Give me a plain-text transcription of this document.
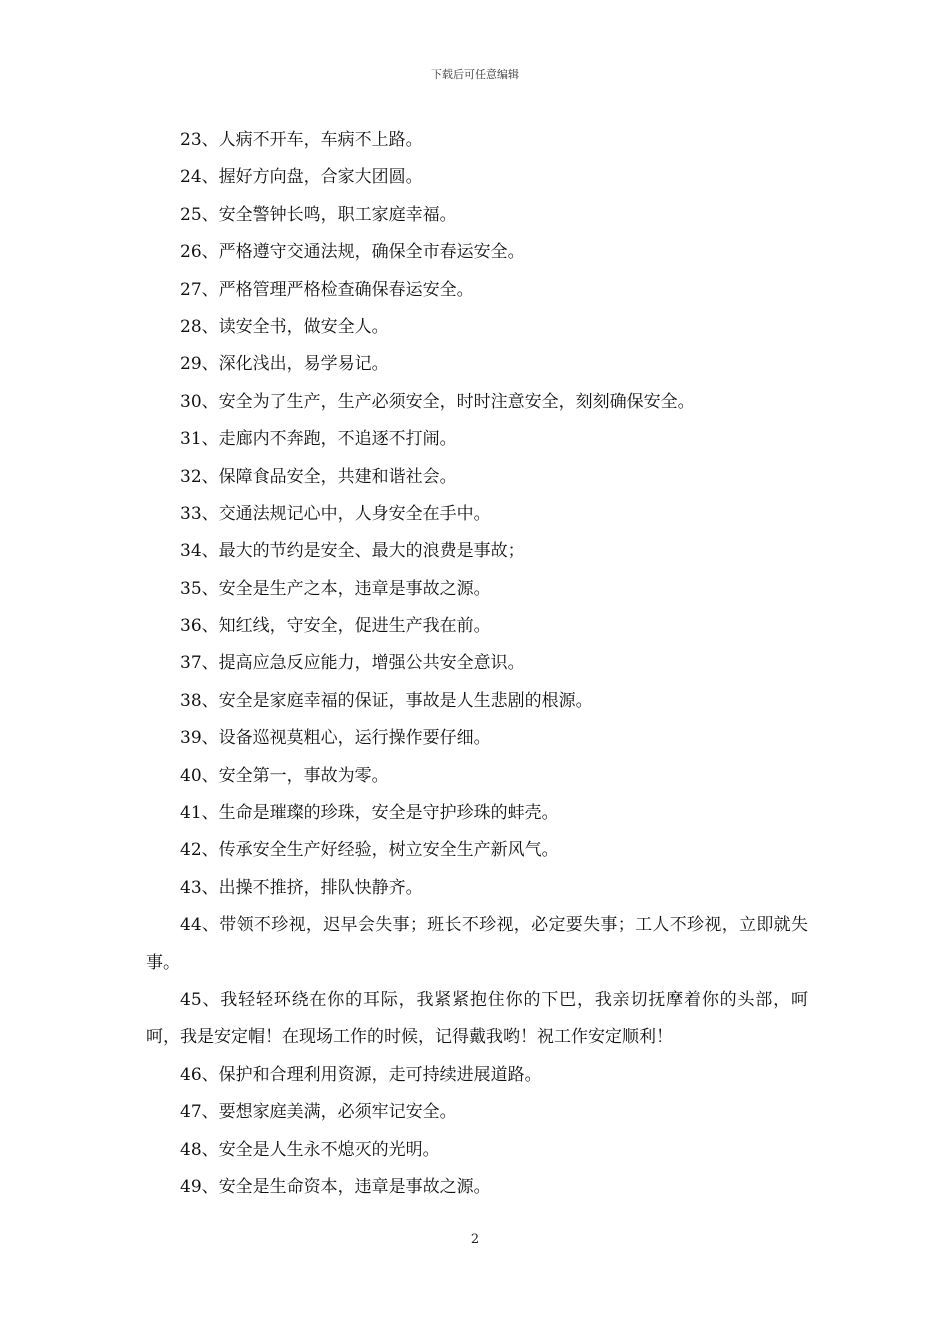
下载后可任意编辑
23、人病不开车，车病不上路。
24、握好方向盘，合家大团圆。
25、安全警钟长鸣，职工家庭幸福。
26、严格遵守交通法规，确保全市春运安全。
27、严格管理严格检查确保春运安全。
28、读安全书，做安全人。
29、深化浅出，易学易记。
30、安全为了生产，生产必须安全，时时注意安全，刻刻确保安全。
31、走廊内不奔跑，不追逐不打闹。
32、保障食品安全，共建和谐社会。
33、交通法规记心中，人身安全在手中。
34、最大的节约是安全、最大的浪费是事故；
35、安全是生产之本，违章是事故之源。
36、知红线，守安全，促进生产我在前。
37、提高应急反应能力，增强公共安全意识。
38、安全是家庭幸福的保证，事故是人生悲剧的根源。
39、设备巡视莫粗心，运行操作要仔细。
40、安全第一，事故为零。
41、生命是璀璨的珍珠，安全是守护珍珠的蚌壳。
42、传承安全生产好经验，树立安全生产新风气。
43、出操不推挤，排队快静齐。
44、带领不珍视，迟早会失事；班长不珍视，必定要失事；工人不珍视，立即就失事。
45、我轻轻环绕在你的耳际，我紧紧抱住你的下巴，我亲切抚摩着你的头部，呵呵，我是安定帽！在现场工作的时候，记得戴我哟！祝工作安定顺利！
46、保护和合理利用资源，走可持续进展道路。
47、要想家庭美满，必须牢记安全。
48、安全是人生永不熄灭的光明。
49、安全是生命资本，违章是事故之源。
2
